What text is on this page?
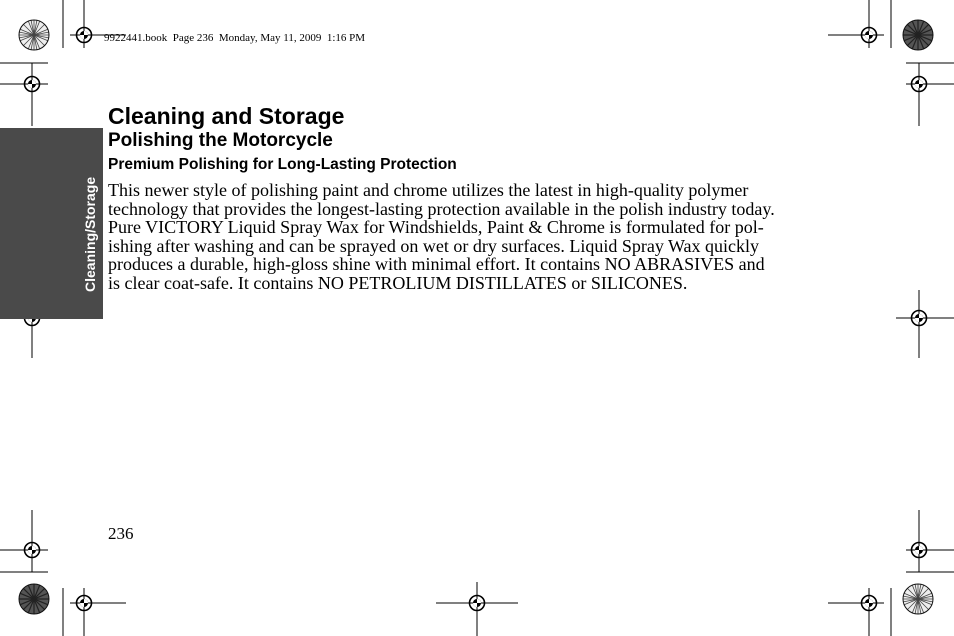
9922441.book  Page 236  Monday, May 11, 2009  1:16 PM
Cleaning/Storage
Cleaning and Storage
Polishing the Motorcycle
Premium Polishing for Long-Lasting Protection
This newer style of polishing paint and chrome utilizes the latest in high-quality polymer
technology that provides the longest-lasting protection available in the polish industry today.
Pure VICTORY Liquid Spray Wax for Windshields, Paint & Chrome is formulated for pol-
ishing after washing and can be sprayed on wet or dry surfaces. Liquid Spray Wax quickly
produces a durable, high-gloss shine with minimal effort. It contains NO ABRASIVES and
is clear coat-safe. It contains NO PETROLIUM DISTILLATES or SILICONES.
236
